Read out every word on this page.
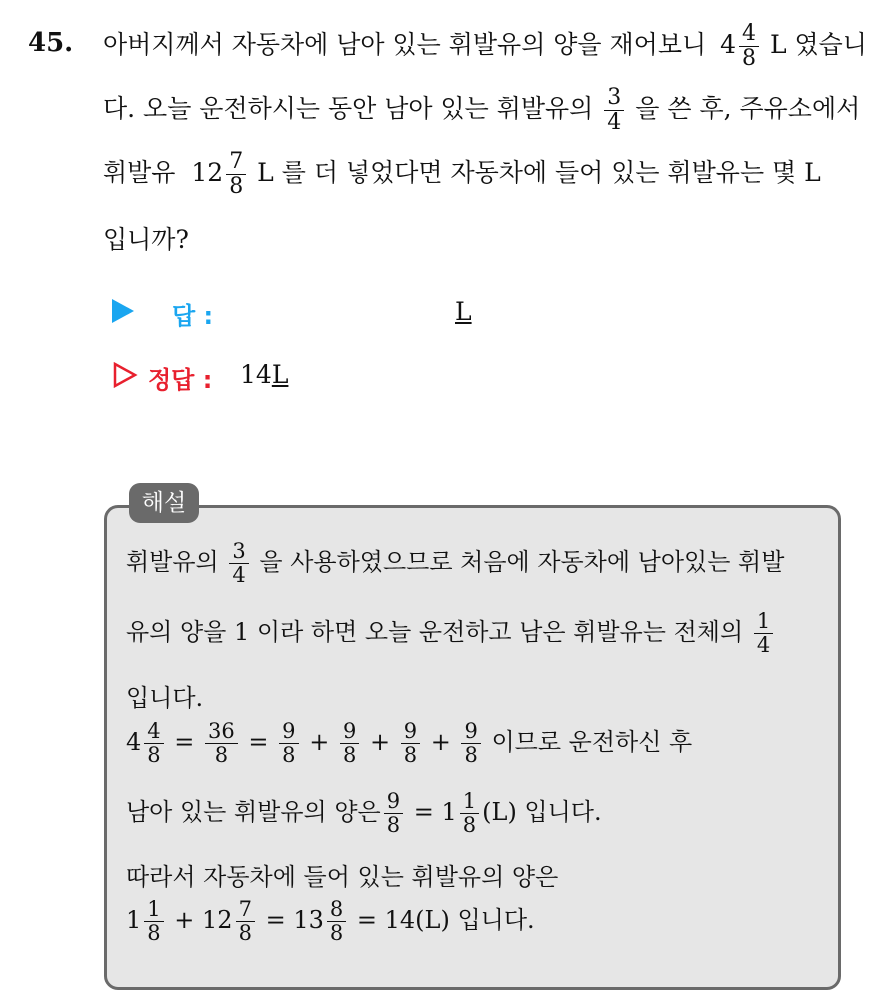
45. 아버지께서 자동차에 남아 있는 휘발유의 양을 재어보니 $4 \frac{4}{8}$ L 였습니
다. 오늘 운전하시는 동안 남아 있는 휘발유의 $\frac{3}{4}$ 을 쓴 후, 주유소에서
휘발유 $12 \frac{7}{8}$ L 를 더 넣었다면 자동차에 들어 있는 휘발유는 몇 L
입니까?
답 :	L
정답 : 14L
해설
휘발유의 $\frac{3}{4}$ 을 사용하였으므로 처음에 자동차에 남아있는 휘발
유의 양을 1 이라 하면 오늘 운전하고 남은 휘발유는 전체의 $\frac{1}{4}$
입니다.
$4 \frac{4}{8} = \frac{36}{8} = \frac{9}{8} + \frac{9}{8} + \frac{9}{8} + \frac{9}{8}$ 이므로 운전하신 후
남아 있는 휘발유의 양은 $\frac{9}{8} = 1 \frac{1}{8} (L)$ 입니다.
따라서 자동차에 들어 있는 휘발유의 양은
$1 \frac{1}{8} + 12 \frac{7}{8} = 13 \frac{8}{8} = 14(L)$ 입니다.
